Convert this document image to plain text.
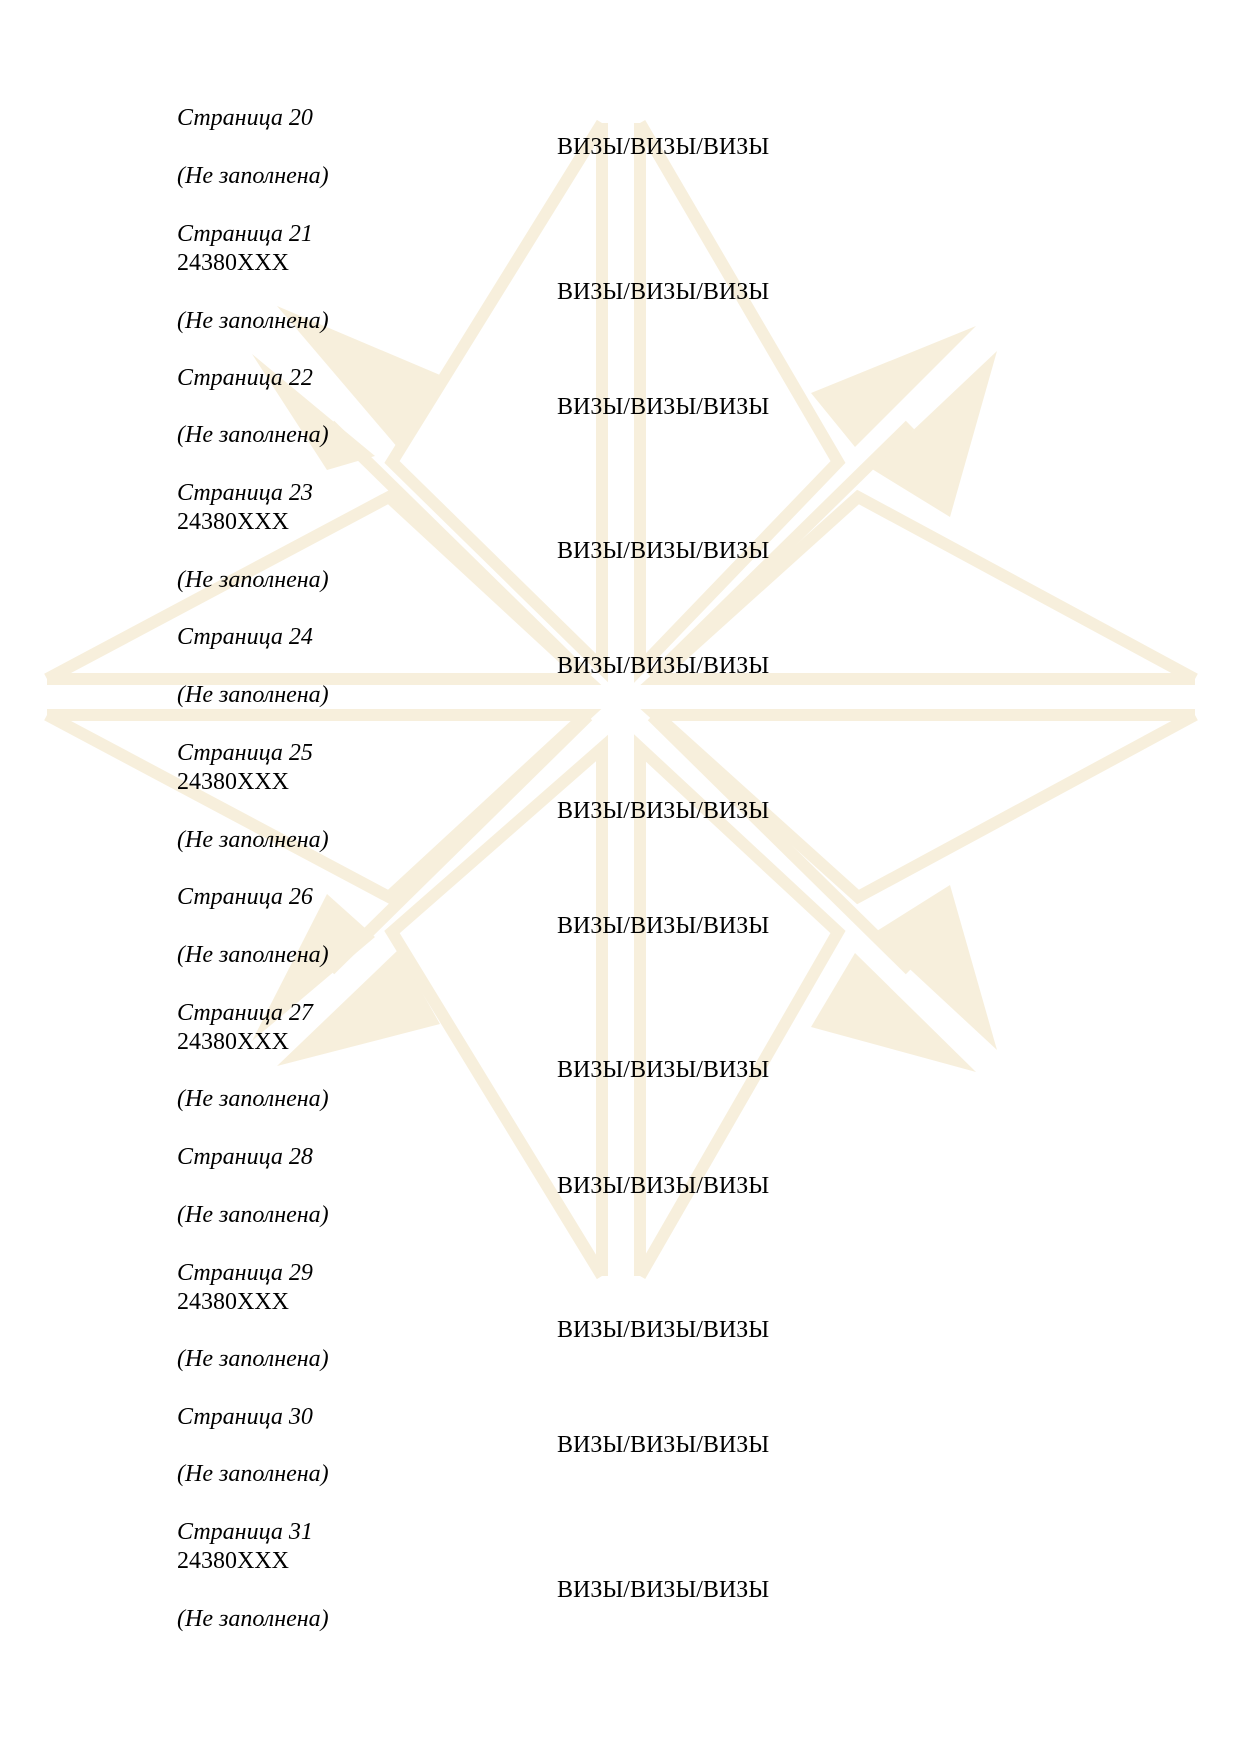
Страница 20
(Не заполнена)
Страница 21
24380XXX
(Не заполнена)
Страница 22
(Не заполнена)
Страница 23
24380XXX
(Не заполнена)
Страница 24
(Не заполнена)
Страница 25
24380XXX
(Не заполнена)
Страница 26
(Не заполнена)
Страница 27
24380XXX
(Не заполнена)
Страница 28
(Не заполнена)
Страница 29
24380XXX
(Не заполнена)
Страница 30
(Не заполнена)
Страница 31
24380XXX
(Не заполнена)
ВИЗЫ/ВИЗЫ/ВИЗЫ
ВИЗЫ/ВИЗЫ/ВИЗЫ
ВИЗЫ/ВИЗЫ/ВИЗЫ
ВИЗЫ/ВИЗЫ/ВИЗЫ
ВИЗЫ/ВИЗЫ/ВИЗЫ
ВИЗЫ/ВИЗЫ/ВИЗЫ
ВИЗЫ/ВИЗЫ/ВИЗЫ
ВИЗЫ/ВИЗЫ/ВИЗЫ
ВИЗЫ/ВИЗЫ/ВИЗЫ
ВИЗЫ/ВИЗЫ/ВИЗЫ
ВИЗЫ/ВИЗЫ/ВИЗЫ
ВИЗЫ/ВИЗЫ/ВИЗЫ
